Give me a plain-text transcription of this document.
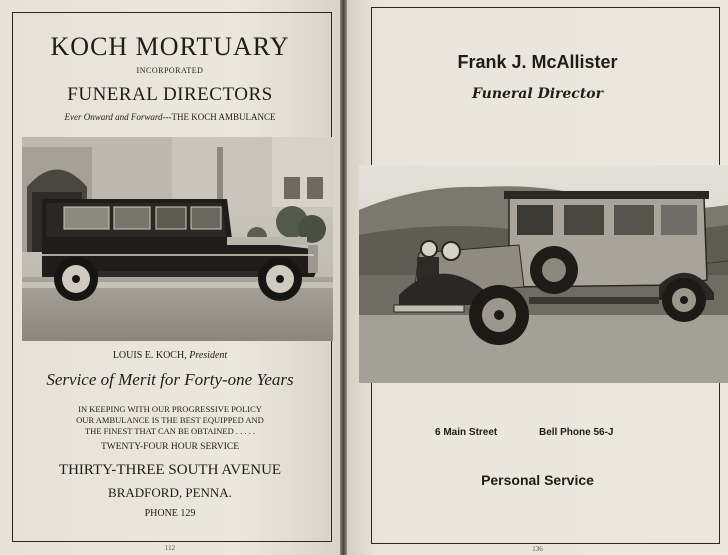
KOCH MORTUARY
INCORPORATED
FUNERAL DIRECTORS
Ever Onward and Forward---THE KOCH AMBULANCE
LOUIS E. KOCH, President
Service of Merit for Forty-one Years
IN KEEPING WITH OUR PROGRESSIVE POLICY
OUR AMBULANCE IS THE BEST EQUIPPED AND
THE FINEST THAT CAN BE OBTAINED . . . . .
TWENTY-FOUR HOUR SERVICE
THIRTY-THREE SOUTH AVENUE
BRADFORD, PENNA.
PHONE 129
112
Frank J. McAllister
Funeral Director
6 Main Street	Bell Phone 56-J
Personal Service
136
